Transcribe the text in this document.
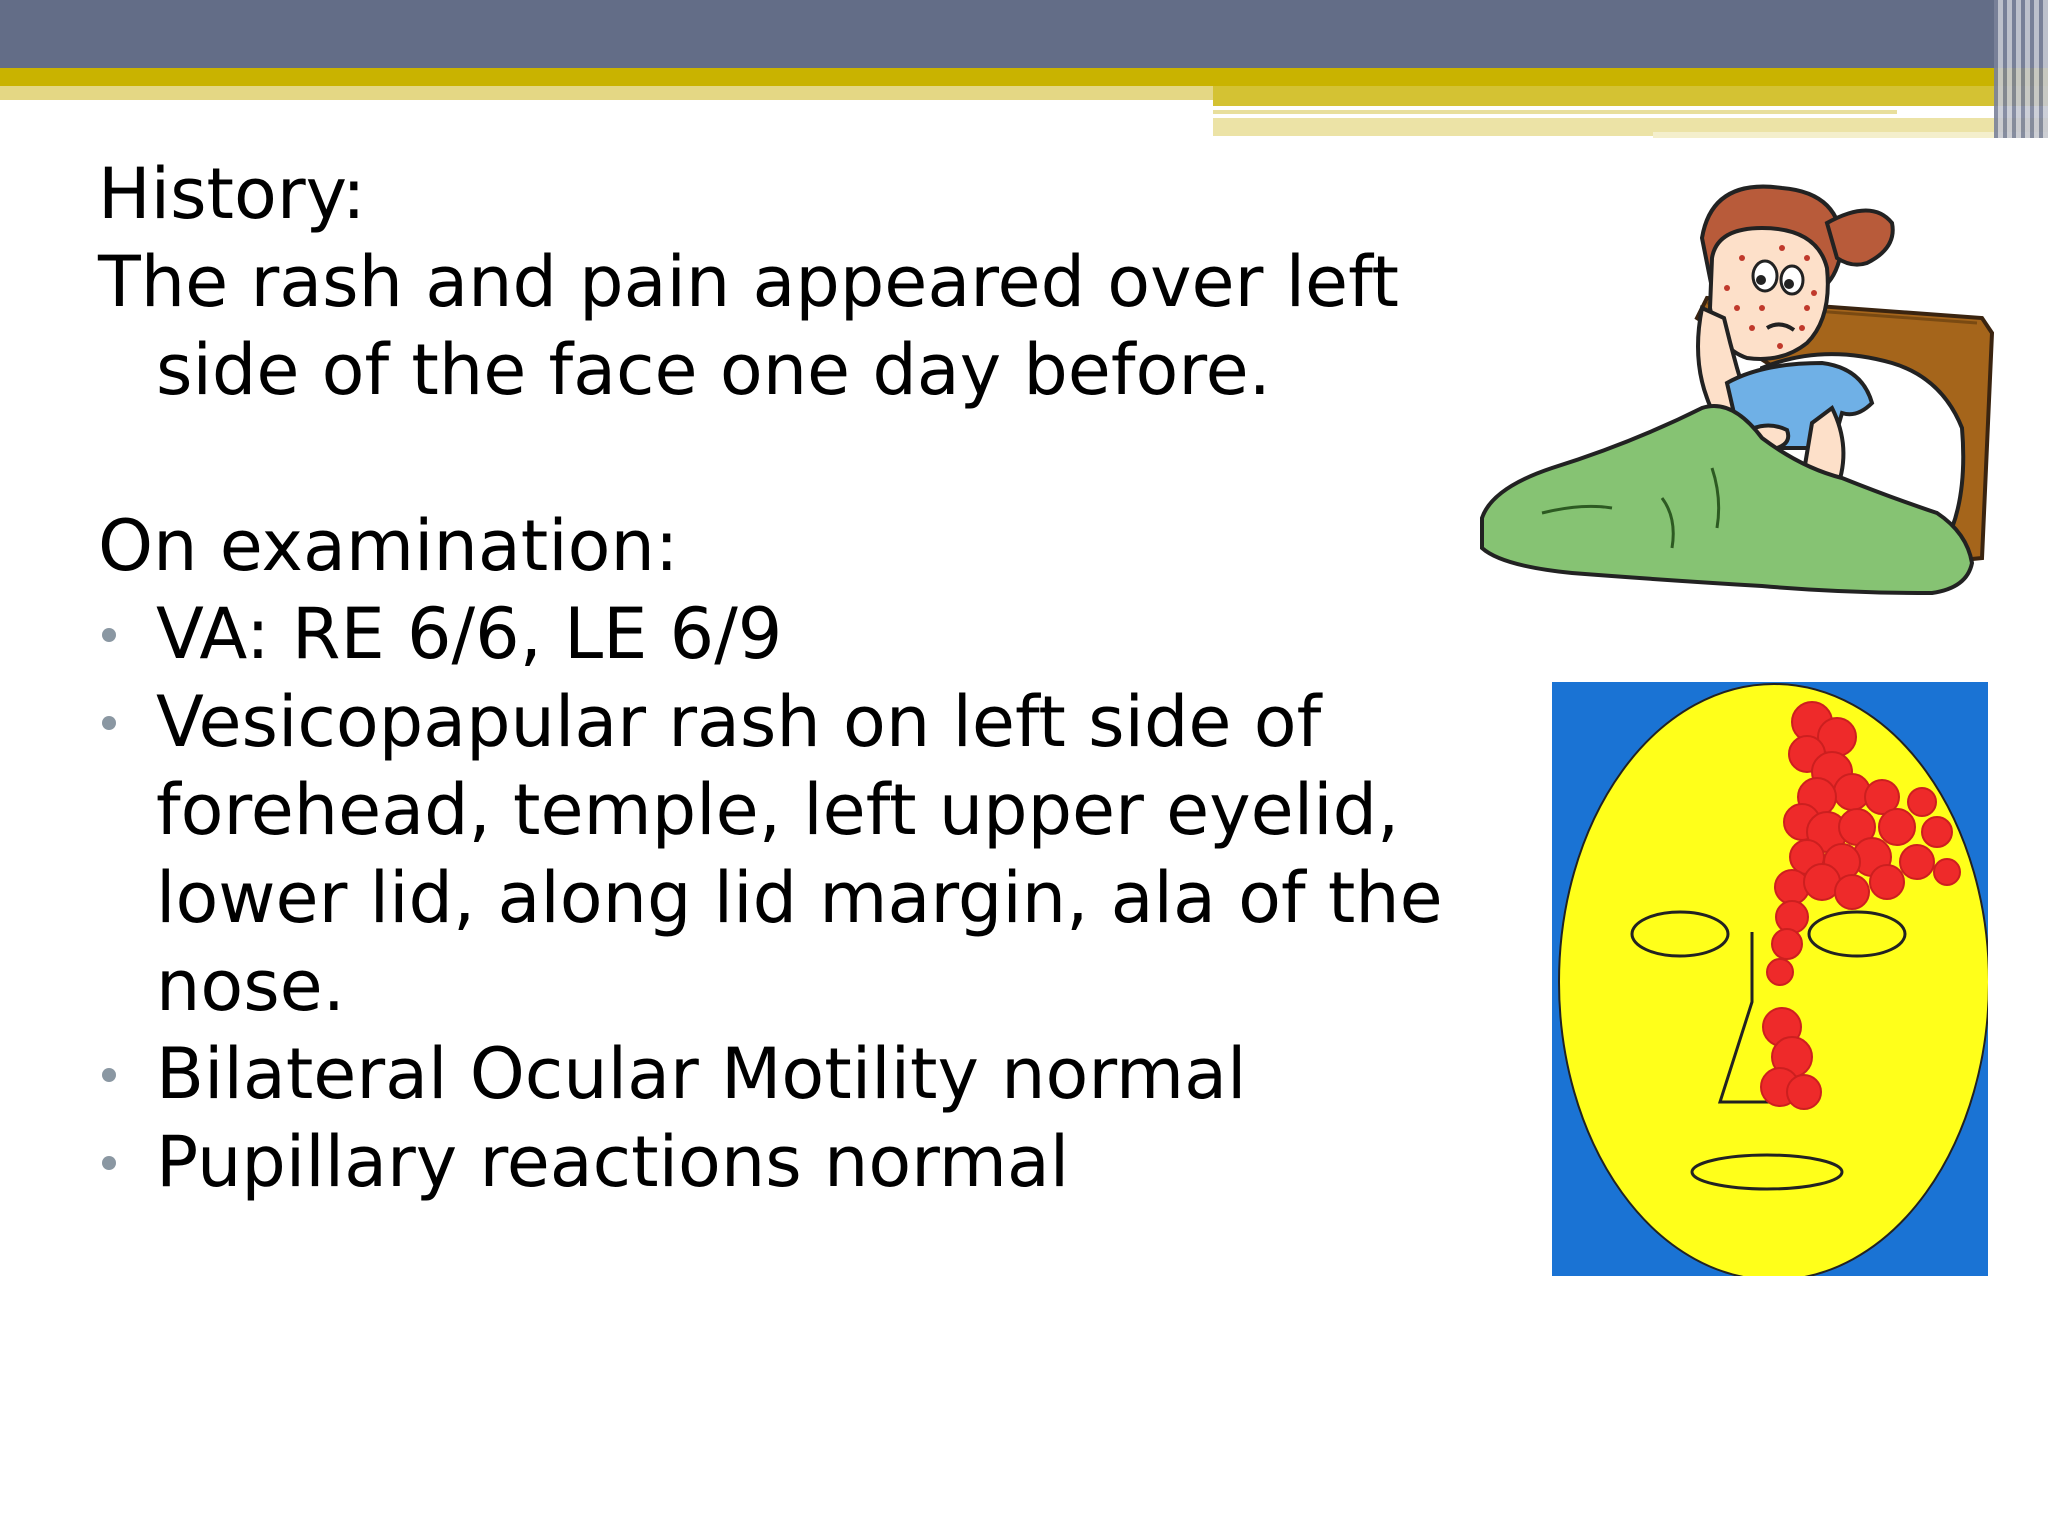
History:

The rash and pain appeared over left side of the face one day before.

On examination:

VA: RE 6/6, LE 6/9
Vesicopapular rash on left side of forehead, temple, left upper eyelid, lower lid, along lid margin, ala of the nose.
Bilateral Ocular Motility normal
Pupillary reactions normal
